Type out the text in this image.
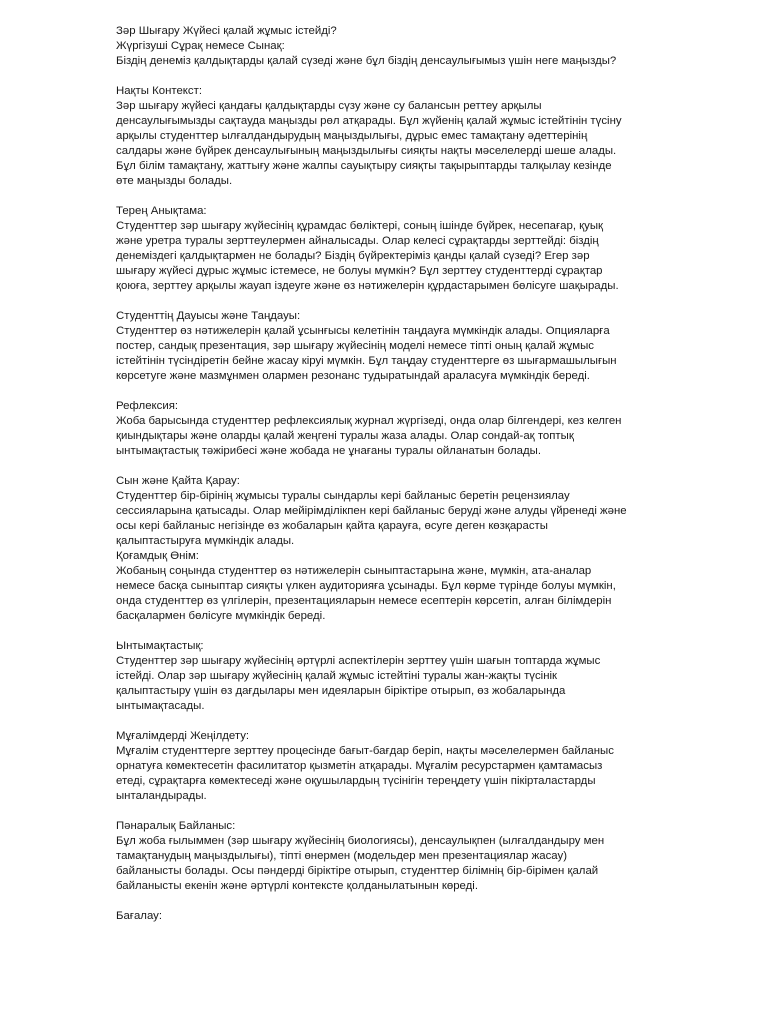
Зәр Шығару Жүйесі қалай жұмыс істейді?

Жүргізуші Сұрақ немесе Сынақ:

Біздің денеміз қалдықтарды қалай сүзеді және бұл біздің денсаулығымыз үшін неге маңызды?

Нақты Контекст:

Зәр шығару жүйесі қандағы қалдықтарды сүзу және су балансын реттеу арқылы

денсаулығымызды сақтауда маңызды рөл атқарады. Бұл жүйенің қалай жұмыс істейтінін түсіну

арқылы студенттер ылғалдандырудың маңыздылығы, дұрыс емес тамақтану әдеттерінің

салдары және бүйрек денсаулығының маңыздылығы сияқты нақты мәселелерді шеше алады.

Бұл білім тамақтану, жаттығу және жалпы сауықтыру сияқты тақырыптарды талқылау кезінде

өте маңызды болады.

Терең Анықтама:

Студенттер зәр шығару жүйесінің құрамдас бөліктері, соның ішінде бүйрек, несепағар, қуық

және уретра туралы зерттеулермен айналысады. Олар келесі сұрақтарды зерттейді: біздің

денеміздегі қалдықтармен не болады? Біздің бүйректеріміз қанды қалай сүзеді? Егер зәр

шығару жүйесі дұрыс жұмыс істемесе, не болуы мүмкін? Бұл зерттеу студенттерді сұрақтар

қоюға, зерттеу арқылы жауап іздеуге және өз нәтижелерін құрдастарымен бөлісуге шақырады.

Студенттің Дауысы және Таңдауы:

Студенттер өз нәтижелерін қалай ұсынғысы келетінін таңдауға мүмкіндік алады. Опцияларға

постер, сандық презентация, зәр шығару жүйесінің моделі немесе тіпті оның қалай жұмыс

істейтінін түсіндіретін бейне жасау кіруі мүмкін. Бұл таңдау студенттерге өз шығармашылығын

көрсетуге және мазмұнмен олармен резонанс тудыратындай араласуға мүмкіндік береді.

Рефлексия:

Жоба барысында студенттер рефлексиялық журнал жүргізеді, онда олар білгендері, кез келген

қиындықтары және оларды қалай жеңгені туралы жаза алады. Олар сондай-ақ топтық

ынтымақтастық тәжірибесі және жобада не ұнағаны туралы ойланатын болады.

Сын және Қайта Қарау:

Студенттер бір-бірінің жұмысы туралы сындарлы кері байланыс беретін рецензиялау

сессияларына қатысады. Олар мейірімділікпен кері байланыс беруді және алуды үйренеді және

осы кері байланыс негізінде өз жобаларын қайта қарауға, өсуге деген көзқарасты

қалыптастыруға мүмкіндік алады.

Қоғамдық Өнім:

Жобаның соңында студенттер өз нәтижелерін сыныптастарына және, мүмкін, ата-аналар

немесе басқа сыныптар сияқты үлкен аудиторияға ұсынады. Бұл көрме түрінде болуы мүмкін,

онда студенттер өз үлгілерін, презентацияларын немесе есептерін көрсетіп, алған білімдерін

басқалармен бөлісуге мүмкіндік береді.

Ынтымақтастық:

Студенттер зәр шығару жүйесінің әртүрлі аспектілерін зерттеу үшін шағын топтарда жұмыс

істейді. Олар зәр шығару жүйесінің қалай жұмыс істейтіні туралы жан-жақты түсінік

қалыптастыру үшін өз дағдылары мен идеяларын біріктіре отырып, өз жобаларында

ынтымақтасады.

Мұғалімдерді Жеңілдету:

Мұғалім студенттерге зерттеу процесінде бағыт-бағдар беріп, нақты мәселелермен байланыс

орнатуға көмектесетін фасилитатор қызметін атқарады. Мұғалім ресурстармен қамтамасыз

етеді, сұрақтарға көмектеседі және оқушылардың түсінігін тереңдету үшін пікірталастарды

ынталандырады.

Пәнаралық Байланыс:

Бұл жоба ғылыммен (зәр шығару жүйесінің биологиясы), денсаулықпен (ылғалдандыру мен

тамақтанудың маңыздылығы), тіпті өнермен (модельдер мен презентациялар жасау)

байланысты болады. Осы пәндерді біріктіре отырып, студенттер білімнің бір-бірімен қалай

байланысты екенін және әртүрлі контексте қолданылатынын көреді.

Бағалау:
